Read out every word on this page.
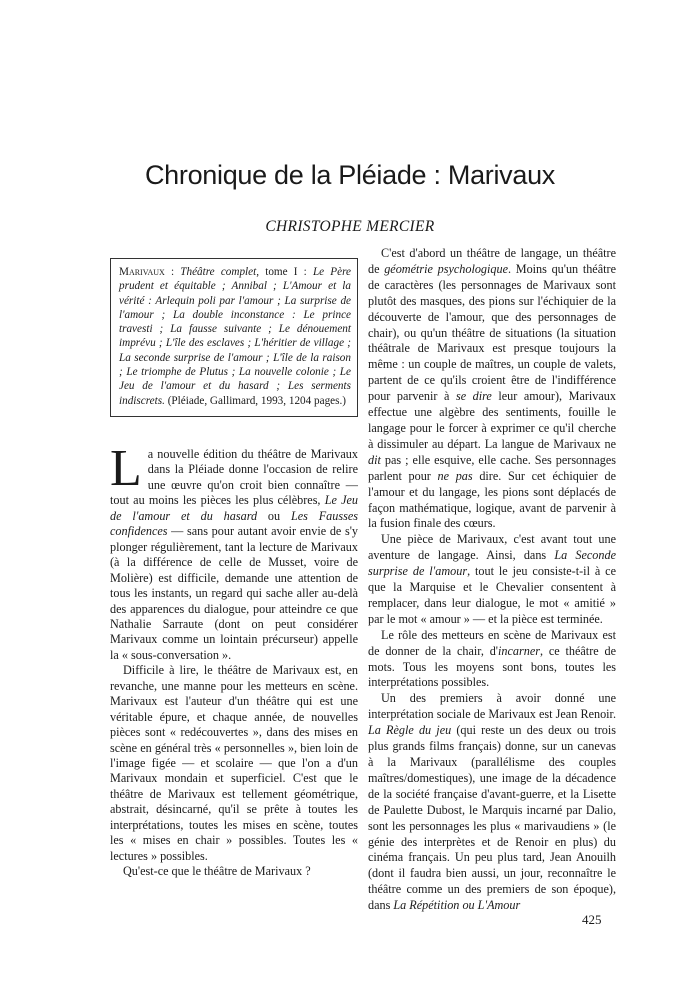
Chronique de la Pléiade : Marivaux
CHRISTOPHE MERCIER
Marivaux : Théâtre complet, tome I : Le Père prudent et équitable ; Annibal ; L'Amour et la vérité : Arlequin poli par l'amour ; La surprise de l'amour ; La double inconstance : Le prince travesti ; La fausse suivante ; Le dénouement imprévu ; L'île des esclaves ; L'héritier de village ; La seconde surprise de l'amour ; L'île de la raison ; Le triomphe de Plutus ; La nouvelle colonie ; Le Jeu de l'amour et du hasard ; Les serments indiscrets. (Pléiade, Gallimard, 1993, 1204 pages.)

La nouvelle édition du théâtre de Marivaux dans la Pléiade donne l'occasion de relire une œuvre qu'on croit bien connaître — tout au moins les pièces les plus célèbres, Le Jeu de l'amour et du hasard ou Les Fausses confidences — sans pour autant avoir envie de s'y plonger régulièrement, tant la lecture de Marivaux (à la différence de celle de Musset, voire de Molière) est difficile, demande une attention de tous les instants, un regard qui sache aller au-delà des apparences du dialogue, pour atteindre ce que Nathalie Sarraute (dont on peut considérer Marivaux comme un lointain précurseur) appelle la « sous-conversation ».

Difficile à lire, le théâtre de Marivaux est, en revanche, une manne pour les metteurs en scène. Marivaux est l'auteur d'un théâtre qui est une véritable épure, et chaque année, de nouvelles pièces sont « redécouvertes », dans des mises en scène en général très « personnelles », bien loin de l'image figée — et scolaire — que l'on a d'un Marivaux mondain et superficiel. C'est que le théâtre de Marivaux est tellement géométrique, abstrait, désincarné, qu'il se prête à toutes les interprétations, toutes les mises en scène, toutes les « mises en chair » possibles. Toutes les « lectures » possibles.

Qu'est-ce que le théâtre de Marivaux ?

C'est d'abord un théâtre de langage, un théâtre de géométrie psychologique. Moins qu'un théâtre de caractères (les personnages de Marivaux sont plutôt des masques, des pions sur l'échiquier de la découverte de l'amour, que des personnages de chair), ou qu'un théâtre de situations (la situation théâtrale de Marivaux est presque toujours la même : un couple de maîtres, un couple de valets, partent de ce qu'ils croient être de l'indifférence pour parvenir à se dire leur amour), Marivaux effectue une algèbre des sentiments, fouille le langage pour le forcer à exprimer ce qu'il cherche à dissimuler au départ. La langue de Marivaux ne dit pas ; elle esquive, elle cache. Ses personnages parlent pour ne pas dire. Sur cet échiquier de l'amour et du langage, les pions sont déplacés de façon mathématique, logique, avant de parvenir à la fusion finale des cœurs.

Une pièce de Marivaux, c'est avant tout une aventure de langage. Ainsi, dans La Seconde surprise de l'amour, tout le jeu consiste-t-il à ce que la Marquise et le Chevalier consentent à remplacer, dans leur dialogue, le mot « amitié » par le mot « amour » — et la pièce est terminée.

Le rôle des metteurs en scène de Marivaux est de donner de la chair, d'incarner, ce théâtre de mots. Tous les moyens sont bons, toutes les interprétations possibles.

Un des premiers à avoir donné une interprétation sociale de Marivaux est Jean Renoir. La Règle du jeu (qui reste un des deux ou trois plus grands films français) donne, sur un canevas à la Marivaux (parallélisme des couples maîtres/domestiques), une image de la décadence de la société française d'avant-guerre, et la Lisette de Paulette Dubost, le Marquis incarné par Dalio, sont les personnages les plus « marivaudiens » (le génie des interprètes et de Renoir en plus) du cinéma français. Un peu plus tard, Jean Anouilh (dont il faudra bien aussi, un jour, reconnaître le théâtre comme un des premiers de son époque), dans La Répétition ou L'Amour

425
